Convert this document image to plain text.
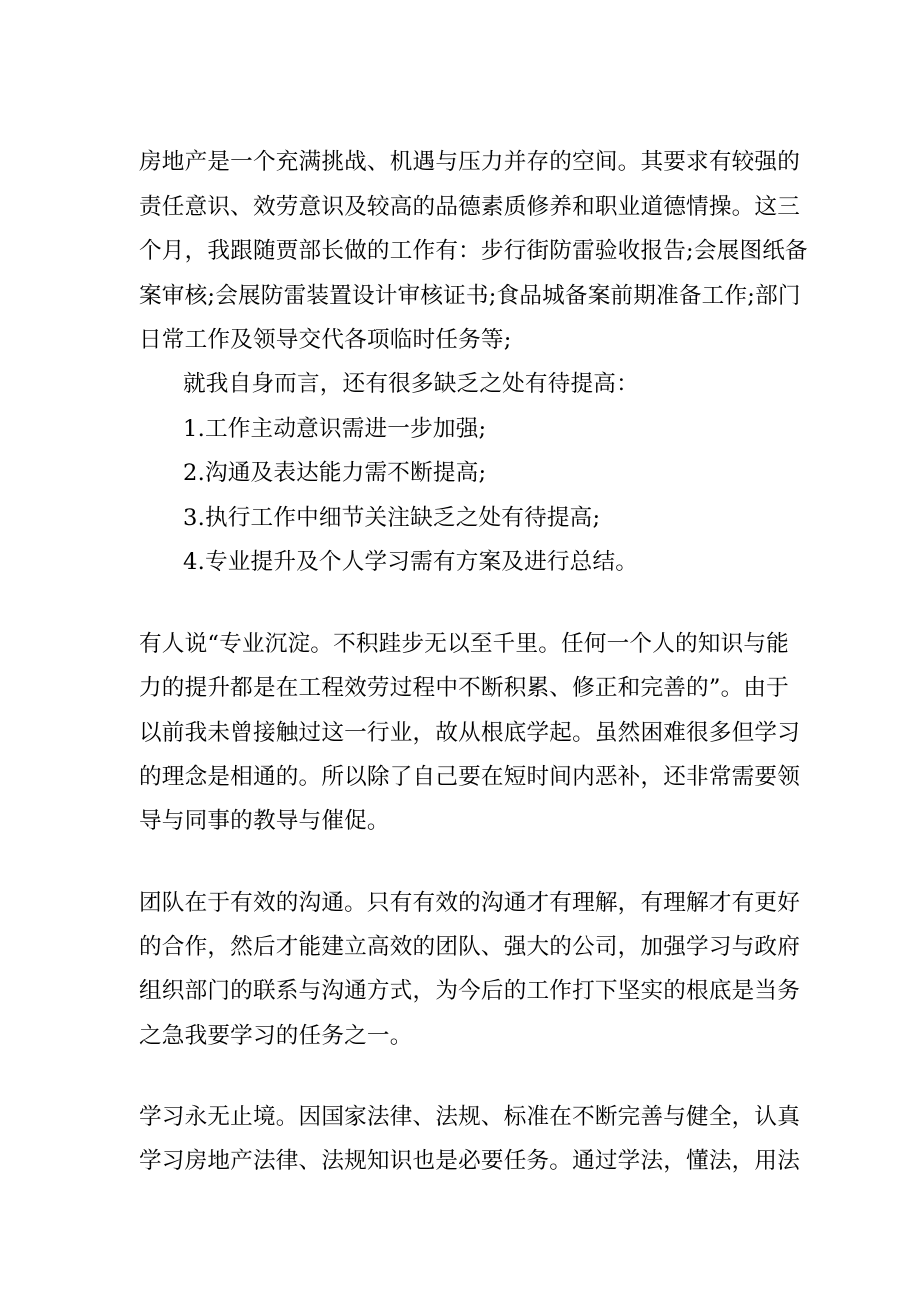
房地产是一个充满挑战、机遇与压力并存的空间。其要求有较强的
责任意识、效劳意识及较高的品德素质修养和职业道德情操。这三
个月，我跟随贾部长做的工作有：步行街防雷验收报告;会展图纸备
案审核;会展防雷装置设计审核证书;食品城备案前期准备工作;部门
日常工作及领导交代各项临时任务等;
就我自身而言，还有很多缺乏之处有待提高：
1.工作主动意识需进一步加强;
2.沟通及表达能力需不断提高;
3.执行工作中细节关注缺乏之处有待提高;
4.专业提升及个人学习需有方案及进行总结。
有人说“专业沉淀。不积跬步无以至千里。任何一个人的知识与能
力的提升都是在工程效劳过程中不断积累、修正和完善的”。由于
以前我未曾接触过这一行业，故从根底学起。虽然困难很多但学习
的理念是相通的。所以除了自己要在短时间内恶补，还非常需要领
导与同事的教导与催促。
团队在于有效的沟通。只有有效的沟通才有理解，有理解才有更好
的合作，然后才能建立高效的团队、强大的公司，加强学习与政府
组织部门的联系与沟通方式，为今后的工作打下坚实的根底是当务
之急我要学习的任务之一。
学习永无止境。因国家法律、法规、标准在不断完善与健全，认真
学习房地产法律、法规知识也是必要任务。通过学法，懂法，用法
